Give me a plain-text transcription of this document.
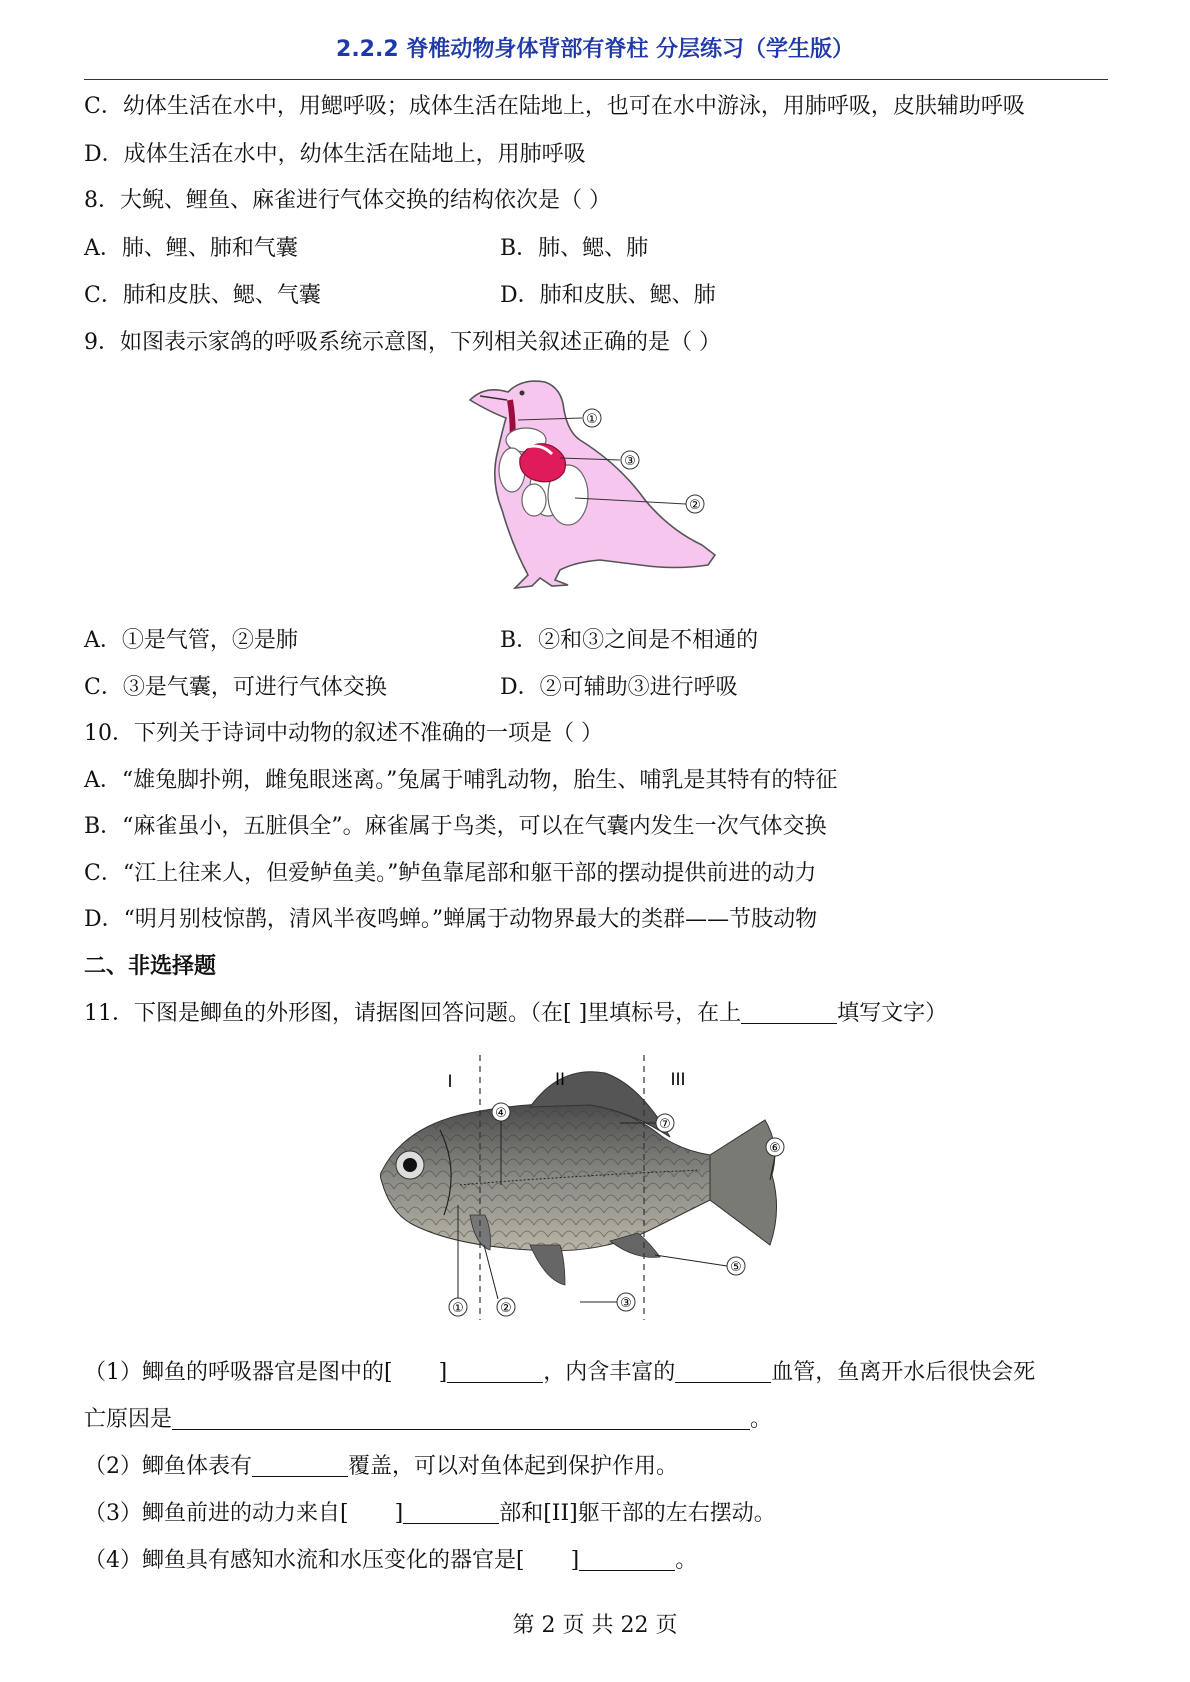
2.2.2 脊椎动物身体背部有脊柱 分层练习（学生版）
C．幼体生活在水中，用鳃呼吸；成体生活在陆地上，也可在水中游泳，用肺呼吸，皮肤辅助呼吸
D．成体生活在水中，幼体生活在陆地上，用肺呼吸
8．大鲵、鲤鱼、麻雀进行气体交换的结构依次是（ ）
A．肺、鲤、肺和气囊	B．肺、鳃、肺
C．肺和皮肤、鳃、气囊	D．肺和皮肤、鳃、肺
9．如图表示家鸽的呼吸系统示意图，下列相关叙述正确的是（ ）
①
③
②
A．①是气管，②是肺	B．②和③之间是不相通的
C．③是气囊，可进行气体交换	D．②可辅助③进行呼吸
10．下列关于诗词中动物的叙述不准确的一项是（ ）
A．“雄兔脚扑朔，雌兔眼迷离。”兔属于哺乳动物，胎生、哺乳是其特有的特征
B．“麻雀虽小，五脏俱全”。麻雀属于鸟类，可以在气囊内发生一次气体交换
C．“江上往来人，但爱鲈鱼美。”鲈鱼靠尾部和躯干部的摆动提供前进的动力
D．“明月别枝惊鹊，清风半夜鸣蝉。”蝉属于动物界最大的类群——节肢动物
二、非选择题
11．下图是鲫鱼的外形图，请据图回答问题。（在[ ]里填标号，在上	填写文字）
I	II	III
④
⑦
⑥
⑤
①	②	③
（1）鲫鱼的呼吸器官是图中的[ ]	，内含丰富的	血管，鱼离开水后很快会死
亡原因是	。
（2）鲫鱼体表有	覆盖，可以对鱼体起到保护作用。
（3）鲫鱼前进的动力来自[ ]	部和[II]躯干部的左右摆动。
（4）鲫鱼具有感知水流和水压变化的器官是[ ]	。
第 2 页 共 22 页
